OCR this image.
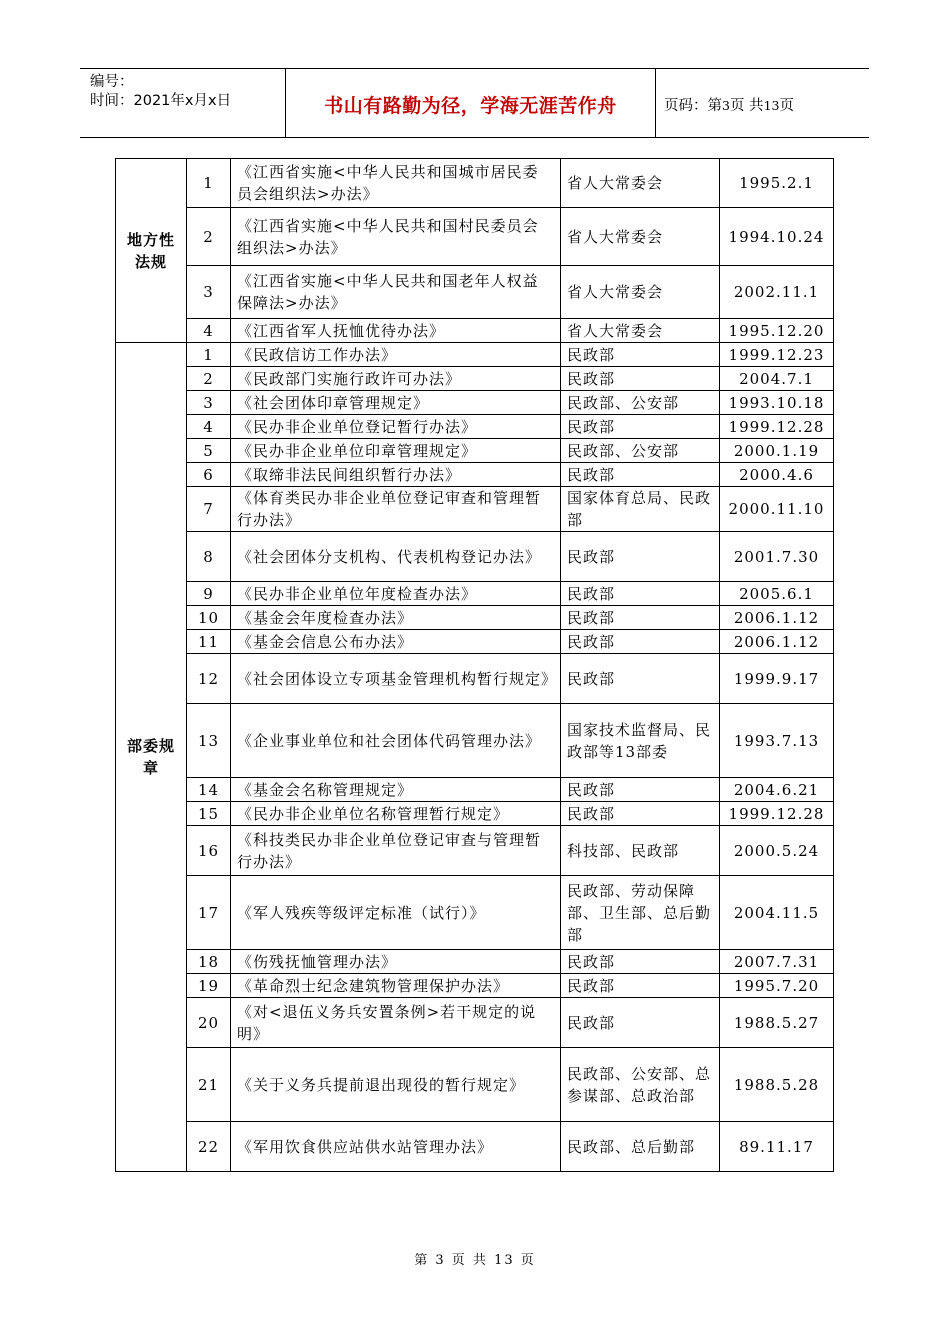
编号：
时间：2021年x月x日	书山有路勤为径，学海无涯苦作舟	页码：第3页 共13页
地方性法规	1	《江西省实施<中华人民共和国城市居民委员会组织法>办法》	省人大常委会	1995.2.1
	2	《江西省实施<中华人民共和国村民委员会组织法>办法》	省人大常委会	1994.10.24
	3	《江西省实施<中华人民共和国老年人权益保障法>办法》	省人大常委会	2002.11.1
	4	《江西省军人抚恤优待办法》	省人大常委会	1995.12.20
部委规章	1	《民政信访工作办法》	民政部	1999.12.23
	2	《民政部门实施行政许可办法》	民政部	2004.7.1
	3	《社会团体印章管理规定》	民政部、公安部	1993.10.18
	4	《民办非企业单位登记暂行办法》	民政部	1999.12.28
	5	《民办非企业单位印章管理规定》	民政部、公安部	2000.1.19
	6	《取缔非法民间组织暂行办法》	民政部	2000.4.6
	7	《体育类民办非企业单位登记审查和管理暂行办法》	国家体育总局、民政部	2000.11.10
	8	《社会团体分支机构、代表机构登记办法》	民政部	2001.7.30
	9	《民办非企业单位年度检查办法》	民政部	2005.6.1
	10	《基金会年度检查办法》	民政部	2006.1.12
	11	《基金会信息公布办法》	民政部	2006.1.12
	12	《社会团体设立专项基金管理机构暂行规定》	民政部	1999.9.17
	13	《企业事业单位和社会团体代码管理办法》	国家技术监督局、民政部等13部委	1993.7.13
	14	《基金会名称管理规定》	民政部	2004.6.21
	15	《民办非企业单位名称管理暂行规定》	民政部	1999.12.28
	16	《科技类民办非企业单位登记审查与管理暂行办法》	科技部、民政部	2000.5.24
	17	《军人残疾等级评定标准（试行）》	民政部、劳动保障部、卫生部、总后勤部	2004.11.5
	18	《伤残抚恤管理办法》	民政部	2007.7.31
	19	《革命烈士纪念建筑物管理保护办法》	民政部	1995.7.20
	20	《对<退伍义务兵安置条例>若干规定的说明》	民政部	1988.5.27
	21	《关于义务兵提前退出现役的暂行规定》	民政部、公安部、总参谋部、总政治部	1988.5.28
	22	《军用饮食供应站供水站管理办法》	民政部、总后勤部	89.11.17
第 3 页 共 13 页
